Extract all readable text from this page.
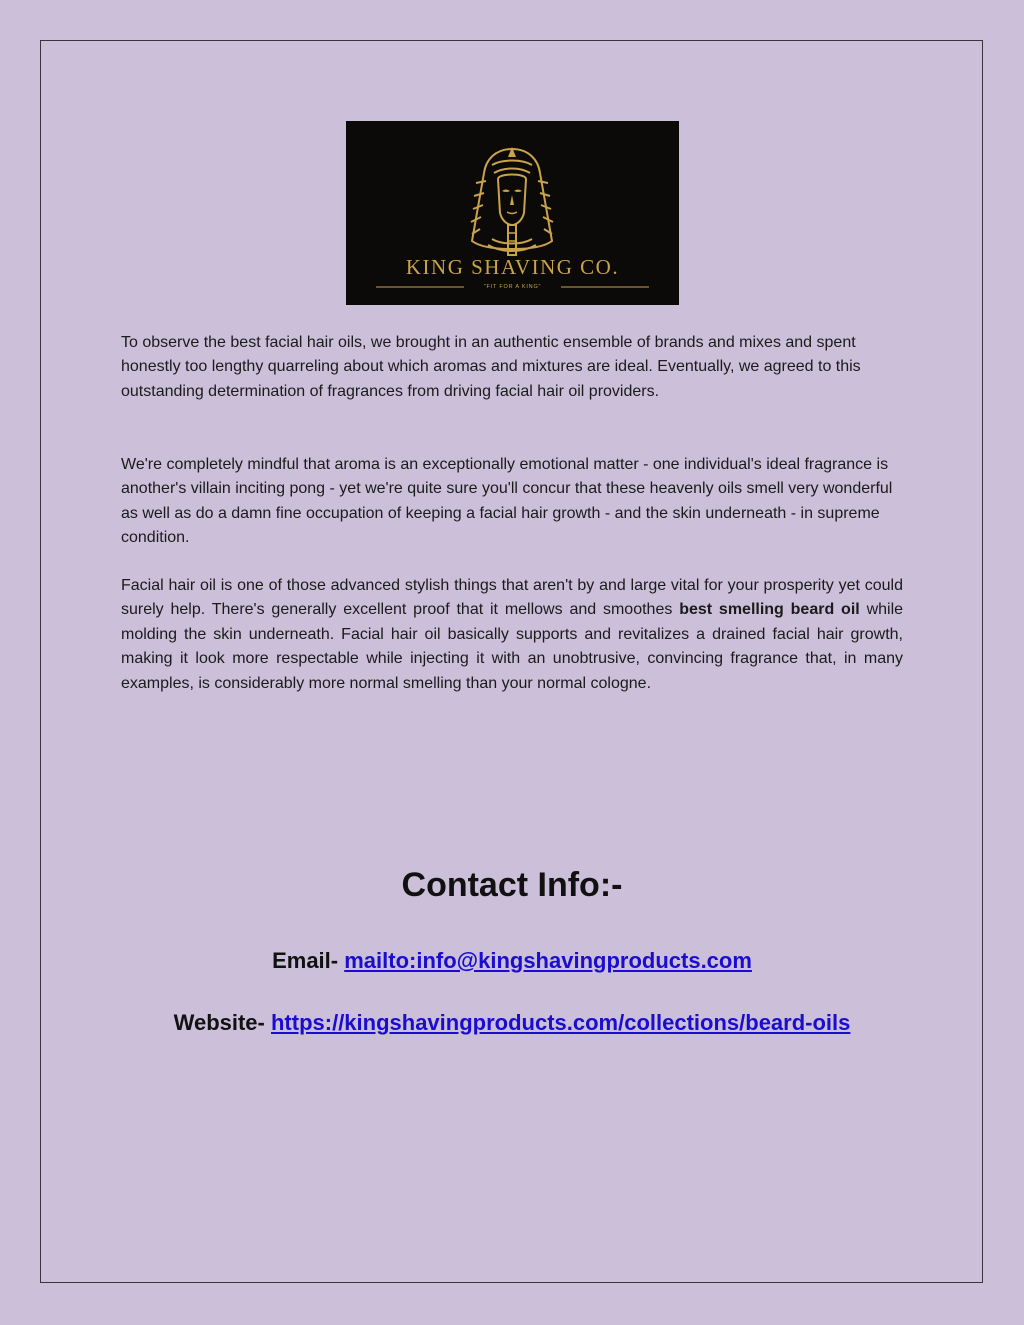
KING SHAVING CO.
"FIT FOR A KING"

To observe the best facial hair oils, we brought in an authentic ensemble of brands and mixes and spent honestly too lengthy quarreling about which aromas and mixtures are ideal. Eventually, we agreed to this outstanding determination of fragrances from driving facial hair oil providers.

We're completely mindful that aroma is an exceptionally emotional matter - one individual's ideal fragrance is another's villain inciting pong - yet we're quite sure you'll concur that these heavenly oils smell very wonderful as well as do a damn fine occupation of keeping a facial hair growth - and the skin underneath - in supreme condition.

Facial hair oil is one of those advanced stylish things that aren't by and large vital for your prosperity yet could surely help. There's generally excellent proof that it mellows and smoothes best smelling beard oil while molding the skin underneath. Facial hair oil basically supports and revitalizes a drained facial hair growth, making it look more respectable while injecting it with an unobtrusive, convincing fragrance that, in many examples, is considerably more normal smelling than your normal cologne.

Contact Info:-
Email- mailto:info@kingshavingproducts.com
Website- https://kingshavingproducts.com/collections/beard-oils
